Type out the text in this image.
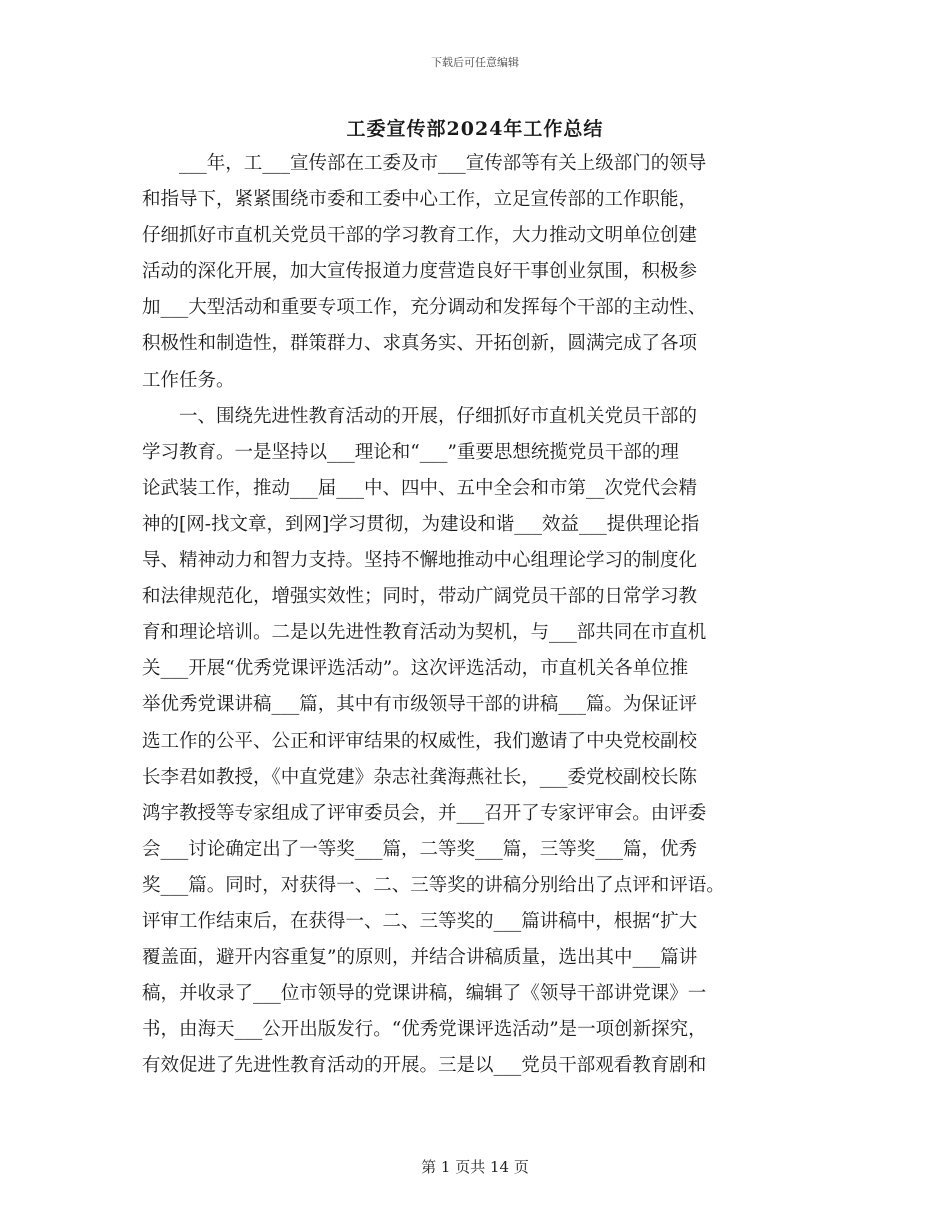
下载后可任意编辑
工委宣传部2024年工作总结
　　___年，工___宣传部在工委及市___宣传部等有关上级部门的领导
和指导下，紧紧围绕市委和工委中心工作，立足宣传部的工作职能，
仔细抓好市直机关党员干部的学习教育工作，大力推动文明单位创建
活动的深化开展，加大宣传报道力度营造良好干事创业氛围，积极参
加___大型活动和重要专项工作，充分调动和发挥每个干部的主动性、
积极性和制造性，群策群力、求真务实、开拓创新，圆满完成了各项
工作任务。
　　一、围绕先进性教育活动的开展，仔细抓好市直机关党员干部的
学习教育。一是坚持以___理论和“___”重要思想统揽党员干部的理
论武装工作，推动___届___中、四中、五中全会和市第__次党代会精
神的[网-找文章，到网]学习贯彻，为建设和谐___效益___提供理论指
导、精神动力和智力支持。坚持不懈地推动中心组理论学习的制度化
和法律规范化，增强实效性；同时，带动广阔党员干部的日常学习教
育和理论培训。二是以先进性教育活动为契机，与___部共同在市直机
关___开展“优秀党课评选活动”。这次评选活动，市直机关各单位推
举优秀党课讲稿___篇，其中有市级领导干部的讲稿___篇。为保证评
选工作的公平、公正和评审结果的权威性，我们邀请了中央党校副校
长李君如教授，《中直党建》杂志社龚海燕社长，___委党校副校长陈
鸿宇教授等专家组成了评审委员会，并___召开了专家评审会。由评委
会___讨论确定出了一等奖___篇，二等奖___篇，三等奖___篇，优秀
奖___篇。同时，对获得一、二、三等奖的讲稿分别给出了点评和评语。
评审工作结束后，在获得一、二、三等奖的___篇讲稿中，根据“扩大
覆盖面，避开内容重复”的原则，并结合讲稿质量，选出其中___篇讲
稿，并收录了___位市领导的党课讲稿，编辑了《领导干部讲党课》一
书，由海天___公开出版发行。“优秀党课评选活动”是一项创新探究，
有效促进了先进性教育活动的开展。三是以___党员干部观看教育剧和
第 1 页共 14 页
